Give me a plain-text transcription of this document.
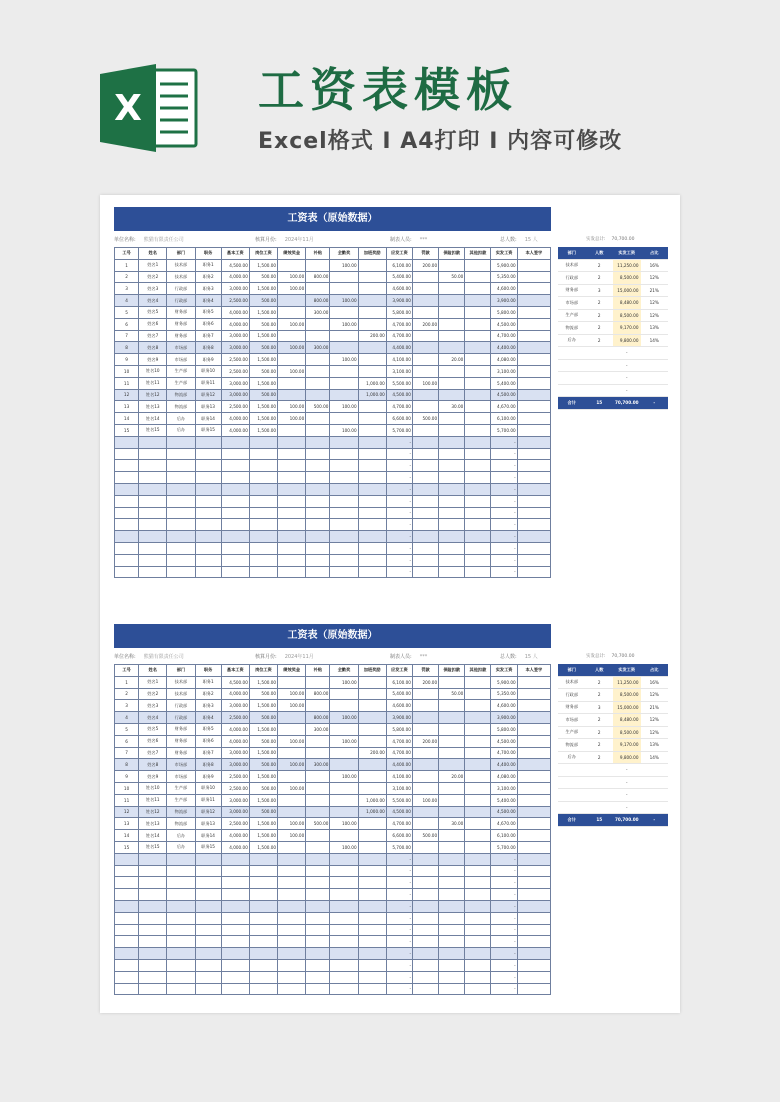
X	工资表模板
Excel格式 I A4打印 I 内容可修改
工资表（原始数据）
单位名称: 熊猫有限责任公司	核算月份: 2024年11月	制表人员: ***	总人数: 15 人	实发总计: 70,700.00
工号	姓名	部门	职务	基本工资	岗位工资	绩效奖金	补贴	全勤奖	加班奖励	应发工资	罚款	保险扣款	其他扣款	实发工资	本人签字
1	姓名1	技术部	职务1	4,500.00	1,500.00			100.00		6,100.00	200.00			5,900.00	
2	姓名2	技术部	职务2	4,000.00	500.00	100.00	800.00			5,400.00		50.00		5,350.00	
3	姓名3	行政部	职务3	3,000.00	1,500.00	100.00				4,600.00				4,600.00	
4	姓名4	行政部	职务4	2,500.00	500.00		800.00	100.00		3,900.00				3,900.00	
5	姓名5	财务部	职务5	4,000.00	1,500.00		300.00			5,800.00				5,800.00	
6	姓名6	财务部	职务6	4,000.00	500.00	100.00		100.00		4,700.00	200.00			4,500.00	
7	姓名7	财务部	职务7	3,000.00	1,500.00				200.00	4,700.00				4,700.00	
8	姓名8	市场部	职务8	3,000.00	500.00	100.00	300.00			4,400.00				4,400.00	
9	姓名9	市场部	职务9	2,500.00	1,500.00			100.00		4,100.00		20.00		4,080.00	
10	姓名10	生产部	职务10	2,500.00	500.00	100.00				3,100.00				3,100.00	
11	姓名11	生产部	职务11	3,000.00	1,500.00				1,000.00	5,500.00	100.00			5,400.00	
12	姓名12	物流部	职务12	3,000.00	500.00				1,000.00	4,500.00				4,500.00	
13	姓名13	物流部	职务13	2,500.00	1,500.00	100.00	500.00	100.00		4,700.00		30.00		4,670.00	
14	姓名14	后办	职务14	4,000.00	1,500.00	100.00				6,600.00	500.00			6,100.00	
15	姓名15	后办	职务15	4,000.00	1,500.00			100.00		5,700.00				5,700.00	
										-				-	
										-				-	
										-				-	
										-				-	
										-				-	
										-				-	
										-				-	
										-				-	
										-				-	
										-				-	
										-				-	
										-				-	
部门	人数	实发工资	占比
技术部	2	11,250.00	16%
行政部	2	8,500.00	12%
财务部	3	15,000.00	21%
市场部	2	8,480.00	12%
生产部	2	8,500.00	12%
物流部	2	9,170.00	13%
后办	2	9,800.00	14%
		-	
		-	
		-	
		-	
合计	15	70,700.00	-
工资表（原始数据）
单位名称: 熊猫有限责任公司	核算月份: 2024年11月	制表人员: ***	总人数: 15 人	实发总计: 70,700.00
工号	姓名	部门	职务	基本工资	岗位工资	绩效奖金	补贴	全勤奖	加班奖励	应发工资	罚款	保险扣款	其他扣款	实发工资	本人签字
1	姓名1	技术部	职务1	4,500.00	1,500.00			100.00		6,100.00	200.00			5,900.00	
2	姓名2	技术部	职务2	4,000.00	500.00	100.00	800.00			5,400.00		50.00		5,350.00	
3	姓名3	行政部	职务3	3,000.00	1,500.00	100.00				4,600.00				4,600.00	
4	姓名4	行政部	职务4	2,500.00	500.00		800.00	100.00		3,900.00				3,900.00	
5	姓名5	财务部	职务5	4,000.00	1,500.00		300.00			5,800.00				5,800.00	
6	姓名6	财务部	职务6	4,000.00	500.00	100.00		100.00		4,700.00	200.00			4,500.00	
7	姓名7	财务部	职务7	3,000.00	1,500.00				200.00	4,700.00				4,700.00	
8	姓名8	市场部	职务8	3,000.00	500.00	100.00	300.00			4,400.00				4,400.00	
9	姓名9	市场部	职务9	2,500.00	1,500.00			100.00		4,100.00		20.00		4,080.00	
10	姓名10	生产部	职务10	2,500.00	500.00	100.00				3,100.00				3,100.00	
11	姓名11	生产部	职务11	3,000.00	1,500.00				1,000.00	5,500.00	100.00			5,400.00	
12	姓名12	物流部	职务12	3,000.00	500.00				1,000.00	4,500.00				4,500.00	
13	姓名13	物流部	职务13	2,500.00	1,500.00	100.00	500.00	100.00		4,700.00		30.00		4,670.00	
14	姓名14	后办	职务14	4,000.00	1,500.00	100.00				6,600.00	500.00			6,100.00	
15	姓名15	后办	职务15	4,000.00	1,500.00			100.00		5,700.00				5,700.00	
										-				-	
										-				-	
										-				-	
										-				-	
										-				-	
										-				-	
										-				-	
										-				-	
										-				-	
										-				-	
										-				-	
										-				-	
部门	人数	实发工资	占比
技术部	2	11,250.00	16%
行政部	2	8,500.00	12%
财务部	3	15,000.00	21%
市场部	2	8,480.00	12%
生产部	2	8,500.00	12%
物流部	2	9,170.00	13%
后办	2	9,800.00	14%
		-	
		-	
		-	
		-	
合计	15	70,700.00	-
